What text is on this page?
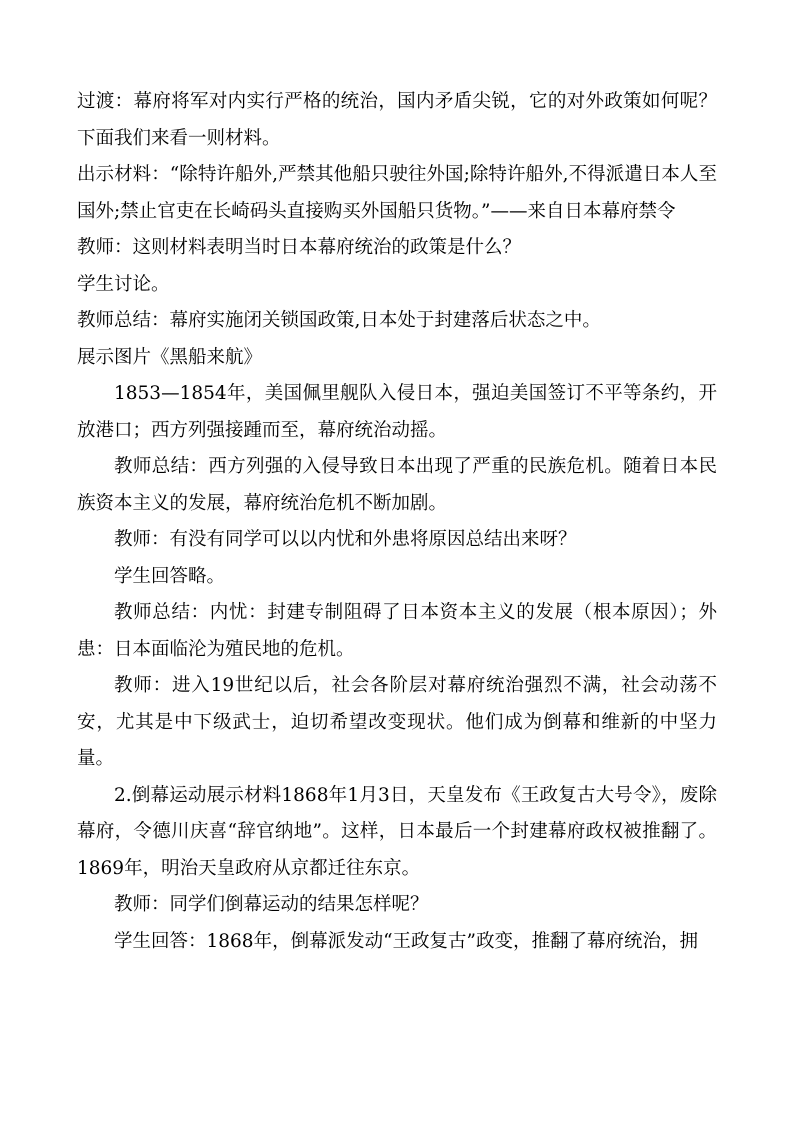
过渡：幕府将军对内实行严格的统治，国内矛盾尖锐，它的对外政策如何呢？下面我们来看一则材料。

出示材料：“除特许船外,严禁其他船只驶往外国;除特许船外,不得派遣日本人至国外;禁止官吏在长崎码头直接购买外国船只货物。”——来自日本幕府禁令

教师：这则材料表明当时日本幕府统治的政策是什么？

学生讨论。

教师总结：幕府实施闭关锁国政策,日本处于封建落后状态之中。

展示图片《黑船来航》

1853—1854年，美国佩里舰队入侵日本，强迫美国签订不平等条约，开放港口；西方列强接踵而至，幕府统治动摇。

教师总结：西方列强的入侵导致日本出现了严重的民族危机。随着日本民族资本主义的发展，幕府统治危机不断加剧。

教师：有没有同学可以以内忧和外患将原因总结出来呀？

学生回答略。

教师总结：内忧：封建专制阻碍了日本资本主义的发展（根本原因）；外患：日本面临沦为殖民地的危机。

教师：进入19世纪以后，社会各阶层对幕府统治强烈不满，社会动荡不安，尤其是中下级武士，迫切希望改变现状。他们成为倒幕和维新的中坚力量。

2.倒幕运动展示材料1868年1月3日，天皇发布《王政复古大号令》，废除幕府，令德川庆喜“辞官纳地”。这样，日本最后一个封建幕府政权被推翻了。1869年，明治天皇政府从京都迁往东京。

教师：同学们倒幕运动的结果怎样呢？

学生回答：1868年，倒幕派发动“王政复古”政变，推翻了幕府统治，拥
